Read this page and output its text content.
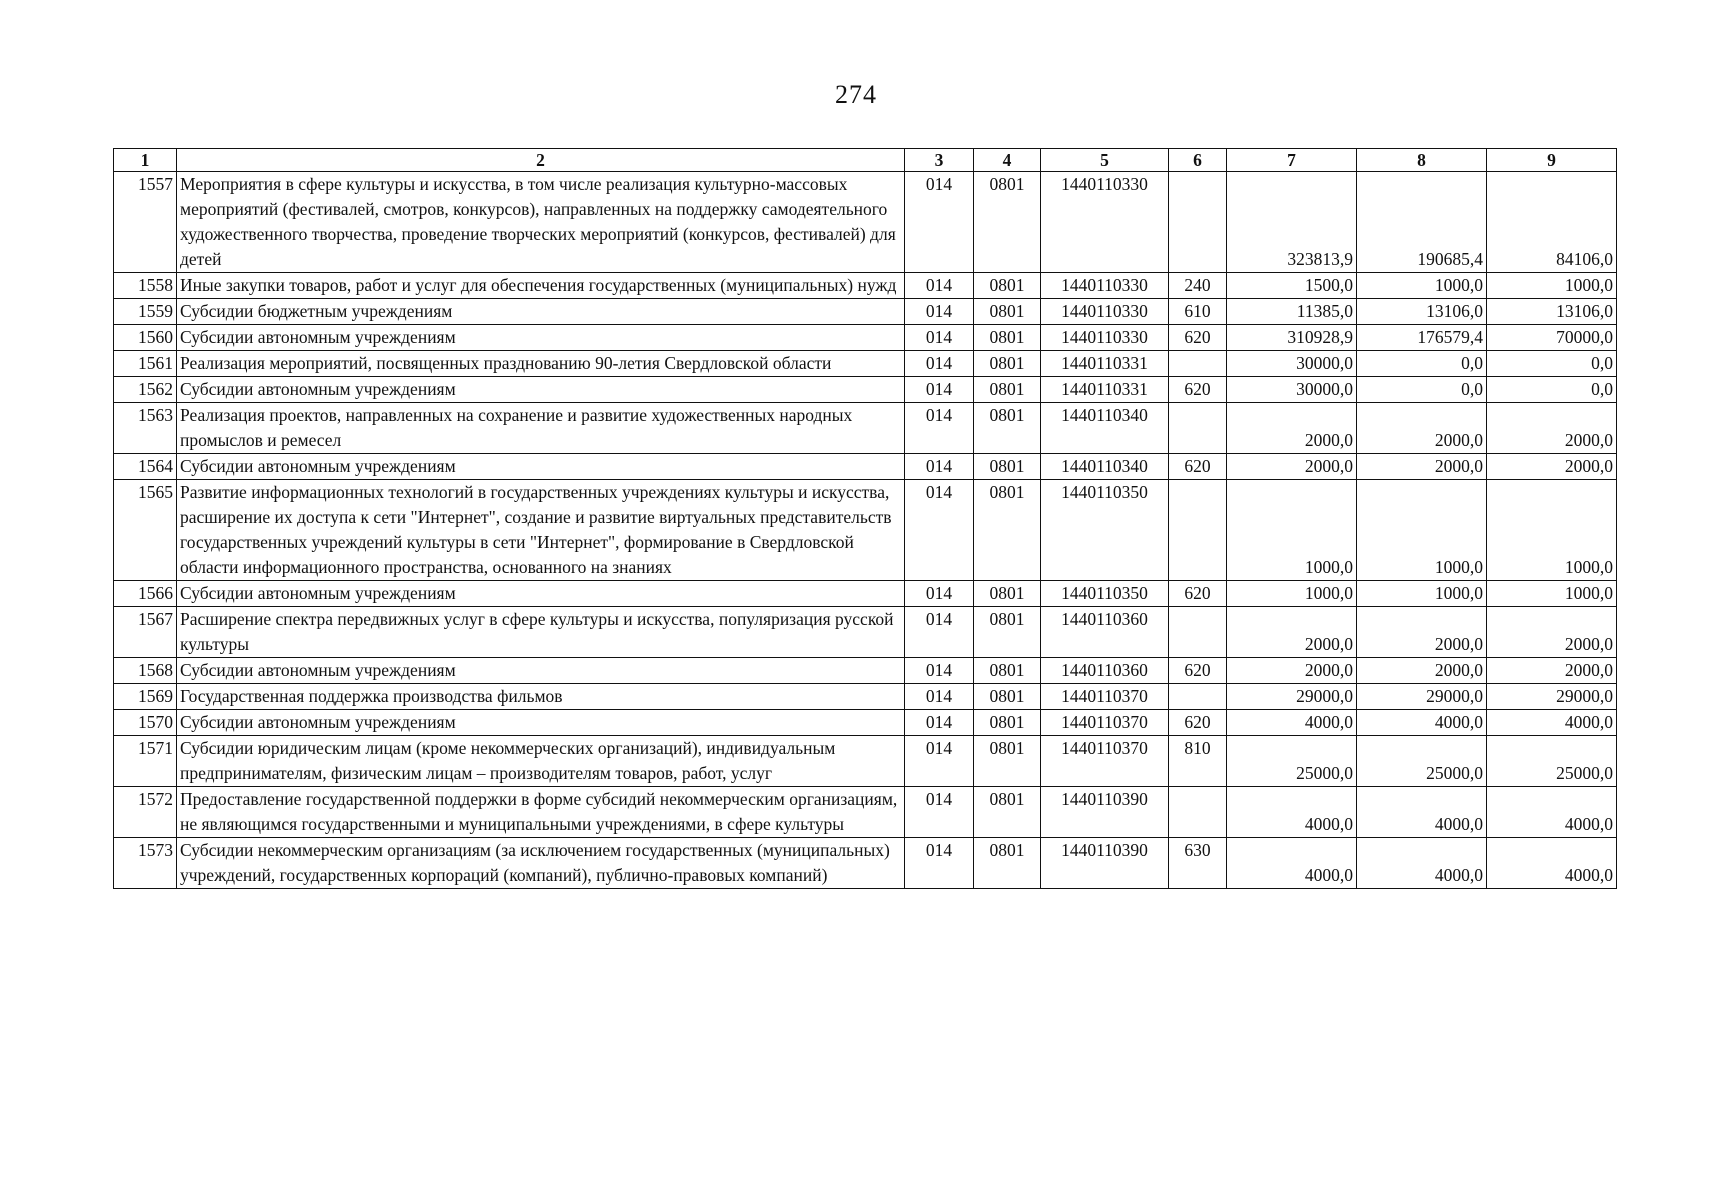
274
1	2	3	4	5	6	7	8	9
1557	Мероприятия в сфере культуры и искусства, в том числе реализация культурно-массовых мероприятий (фестивалей, смотров, конкурсов), направленных на поддержку самодеятельного художественного творчества, проведение творческих мероприятий (конкурсов, фестивалей) для детей	014	0801	1440110330		323813,9	190685,4	84106,0
1558	Иные закупки товаров, работ и услуг для обеспечения государственных (муниципальных) нужд	014	0801	1440110330	240	1500,0	1000,0	1000,0
1559	Субсидии бюджетным учреждениям	014	0801	1440110330	610	11385,0	13106,0	13106,0
1560	Субсидии автономным учреждениям	014	0801	1440110330	620	310928,9	176579,4	70000,0
1561	Реализация мероприятий, посвященных празднованию 90-летия Свердловской области	014	0801	1440110331		30000,0	0,0	0,0
1562	Субсидии автономным учреждениям	014	0801	1440110331	620	30000,0	0,0	0,0
1563	Реализация проектов, направленных на сохранение и развитие художественных народных промыслов и ремесел	014	0801	1440110340		2000,0	2000,0	2000,0
1564	Субсидии автономным учреждениям	014	0801	1440110340	620	2000,0	2000,0	2000,0
1565	Развитие информационных технологий в государственных учреждениях культуры и искусства, расширение их доступа к сети "Интернет", создание и развитие виртуальных представительств государственных учреждений культуры в сети "Интернет", формирование в Свердловской области информационного пространства, основанного на знаниях	014	0801	1440110350		1000,0	1000,0	1000,0
1566	Субсидии автономным учреждениям	014	0801	1440110350	620	1000,0	1000,0	1000,0
1567	Расширение спектра передвижных услуг в сфере культуры и искусства, популяризация русской культуры	014	0801	1440110360		2000,0	2000,0	2000,0
1568	Субсидии автономным учреждениям	014	0801	1440110360	620	2000,0	2000,0	2000,0
1569	Государственная поддержка производства фильмов	014	0801	1440110370		29000,0	29000,0	29000,0
1570	Субсидии автономным учреждениям	014	0801	1440110370	620	4000,0	4000,0	4000,0
1571	Субсидии юридическим лицам (кроме некоммерческих организаций), индивидуальным предпринимателям, физическим лицам – производителям товаров, работ, услуг	014	0801	1440110370	810	25000,0	25000,0	25000,0
1572	Предоставление государственной поддержки в форме субсидий некоммерческим организациям, не являющимся государственными и муниципальными учреждениями, в сфере культуры	014	0801	1440110390		4000,0	4000,0	4000,0
1573	Субсидии некоммерческим организациям (за исключением государственных (муниципальных) учреждений, государственных корпораций (компаний), публично-правовых компаний)	014	0801	1440110390	630	4000,0	4000,0	4000,0
